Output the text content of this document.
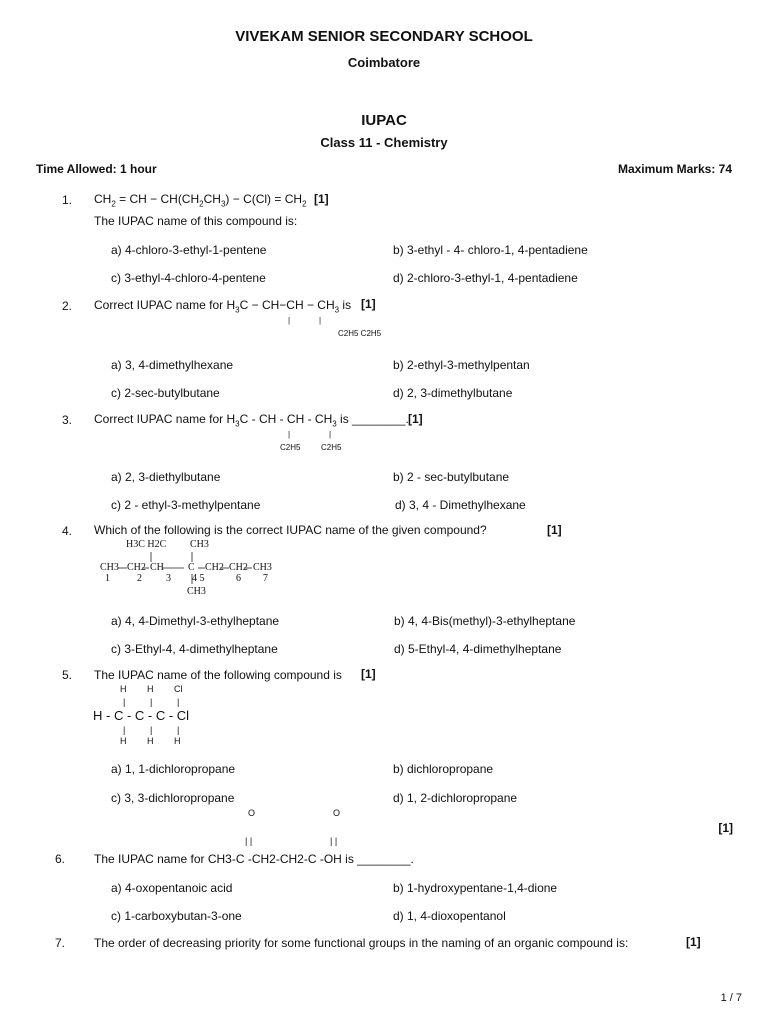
VIVEKAM SENIOR SECONDARY SCHOOL
Coimbatore
IUPAC
Class 11 - Chemistry
Time Allowed: 1 hour	Maximum Marks: 74
1. $CH_2$ = CH − $CH(CH_2CH_3) - C(Cl) = CH_2$ [1]
The IUPAC name of this compound is:
a) 4-chloro-3-ethyl-1-pentene	b) 3-ethyl - 4- chloro-1, 4-pentadiene
c) 3-ethyl-4-chloro-4-pentene	d) 2-chloro-3-ethyl-1, 4-pentadiene
2. Correct IUPAC name for $H_3C - CH-CH - CH_3$ is [1]
|	|
C2H5 C2H5
a) 3, 4-dimethylhexane	b) 2-ethyl-3-methylpentan
c) 2-sec-butylbutane	d) 2, 3-dimethylbutane
3. Correct IUPAC name for $H_3C$ - CH - CH - $CH_3$ is ________. [1]
|	|
C2H5	C2H5
a) 2, 3-diethylbutane	b) 2 - sec-butylbutane
c) 2 - ethyl-3-methylpentane	d) 3, 4 - Dimethylhexane
4. Which of the following is the correct IUPAC name of the given compound?	[1]
H3C H2C CH3
CH3 CH2 CH C CH2 CH2 CH3
1	2 3 4 5	6 7
CH3
a) 4, 4-Dimethyl-3-ethylheptane	b) 4, 4-Bis(methyl)-3-ethylheptane
c) 3-Ethyl-4, 4-dimethylheptane	d) 5-Ethyl-4, 4-dimethylheptane
5. The IUPAC name of the following compound is [1]
H H Cl
|	|	|
H - C - C - C - Cl
|	|	|
H H H
a) 1, 1-dichloropropane	b) dichloropropane
c) 3, 3-dichloropropane	d) 1, 2-dichloropropane
O	O
[1]
| |	| |
6. The IUPAC name for CH3-C -CH2-CH2-C -OH is ________.
a) 4-oxopentanoic acid	b) 1-hydroxypentane-1,4-dione
c) 1-carboxybutan-3-one	d) 1, 4-dioxopentanol
7. The order of decreasing priority for some functional groups in the naming of an organic compound is:	[1]
1 / 7
